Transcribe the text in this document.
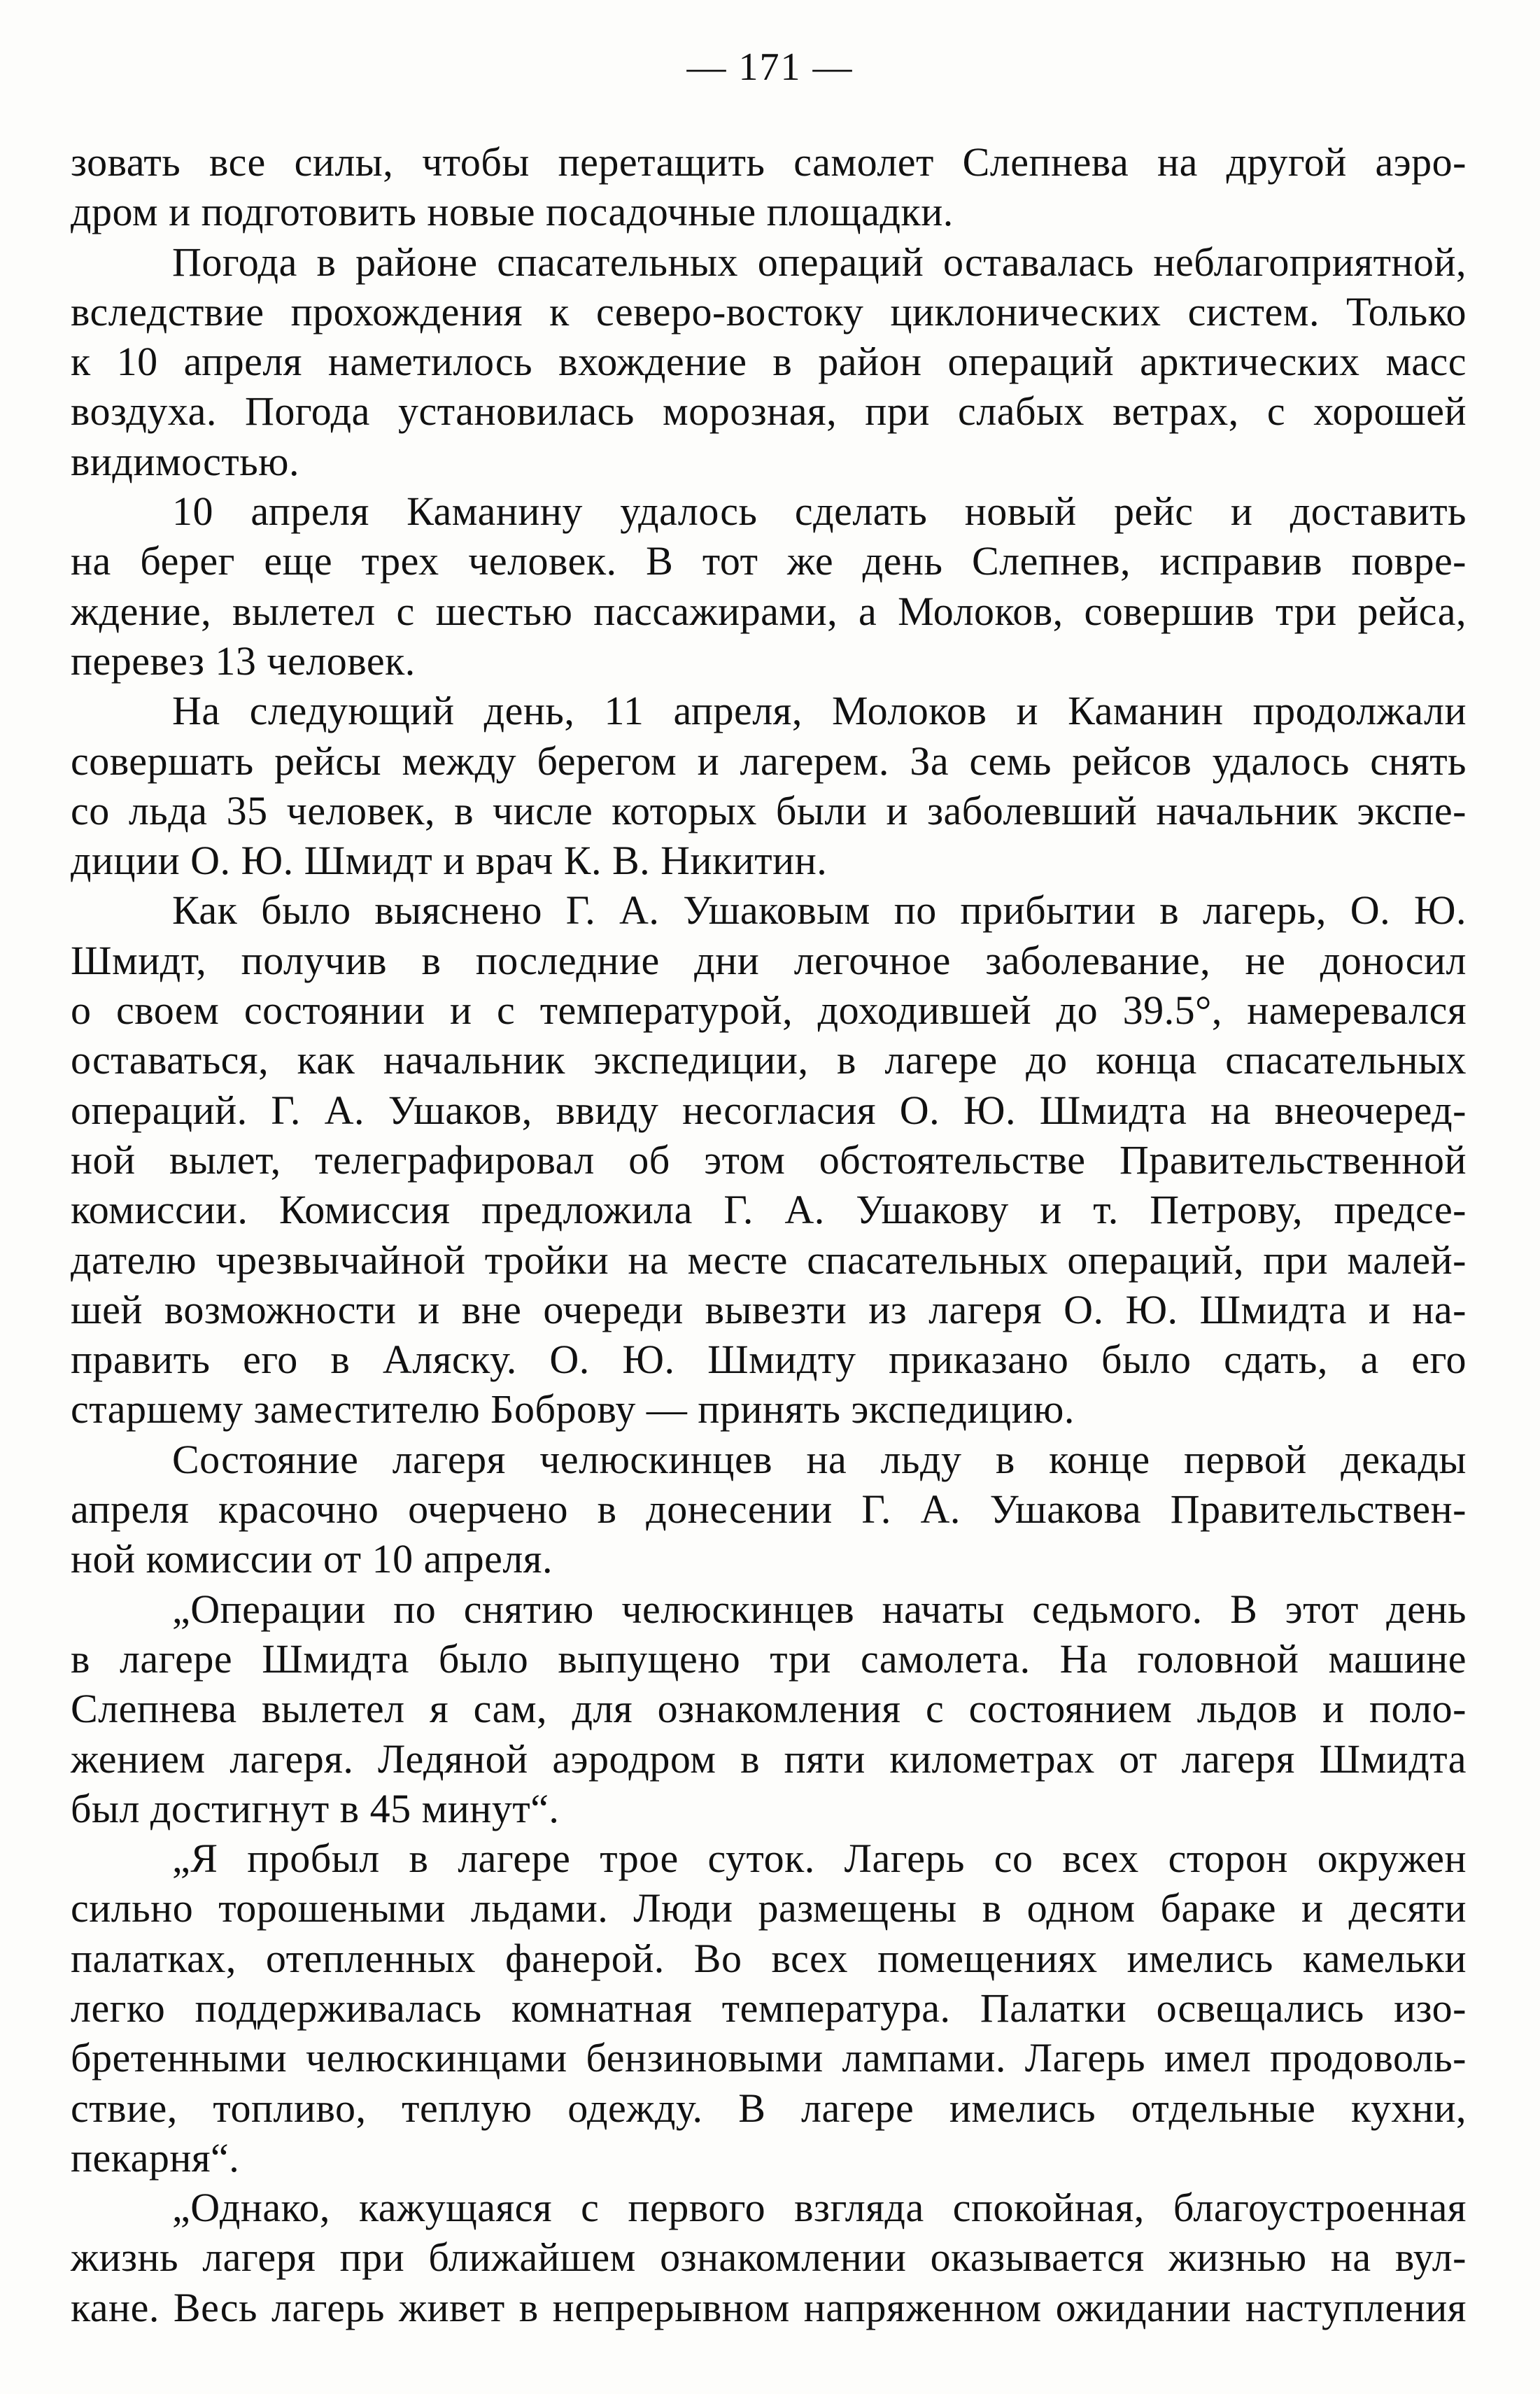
— 171 —
зовать все силы, чтобы перетащить самолет Слепнева на другой аэро-
дром и подготовить новые посадочные площадки.
Погода в районе спасательных операций оставалась неблагоприятной,
вследствие прохождения к северо-востоку циклонических систем. Только
к 10 апреля наметилось вхождение в район операций арктических масс
воздуха. Погода установилась морозная, при слабых ветрах, с хорошей
видимостью.
10 апреля Каманину удалось сделать новый рейс и доставить
на берег еще трех человек. В тот же день Слепнев, исправив повре-
ждение, вылетел с шестью пассажирами, а Молоков, совершив три рейса,
перевез 13 человек.
На следующий день, 11 апреля, Молоков и Каманин продолжали
совершать рейсы между берегом и лагерем. За семь рейсов удалось снять
со льда 35 человек, в числе которых были и заболевший начальник экспе-
диции О. Ю. Шмидт и врач К. В. Никитин.
Как было выяснено Г. А. Ушаковым по прибытии в лагерь, О. Ю.
Шмидт, получив в последние дни легочное заболевание, не доносил
о своем состоянии и с температурой, доходившей до 39.5°, намеревался
оставаться, как начальник экспедиции, в лагере до конца спасательных
операций. Г. А. Ушаков, ввиду несогласия О. Ю. Шмидта на внеочеред-
ной вылет, телеграфировал об этом обстоятельстве Правительственной
комиссии. Комиссия предложила Г. А. Ушакову и т. Петрову, предсе-
дателю чрезвычайной тройки на месте спасательных операций, при малей-
шей возможности и вне очереди вывезти из лагеря О. Ю. Шмидта и на-
править его в Аляску. О. Ю. Шмидту приказано было сдать, а его
старшему заместителю Боброву — принять экспедицию.
Состояние лагеря челюскинцев на льду в конце первой декады
апреля красочно очерчено в донесении Г. А. Ушакова Правительствен-
ной комиссии от 10 апреля.
„Операции по снятию челюскинцев начаты седьмого. В этот день
в лагере Шмидта было выпущено три самолета. На головной машине
Слепнева вылетел я сам, для ознакомления с состоянием льдов и поло-
жением лагеря. Ледяной аэродром в пяти километрах от лагеря Шмидта
был достигнут в 45 минут“.
„Я пробыл в лагере трое суток. Лагерь со всех сторон окружен
сильно торошеными льдами. Люди размещены в одном бараке и десяти
палатках, отепленных фанерой. Во всех помещениях имелись камельки
легко поддерживалась комнатная температура. Палатки освещались изо-
бретенными челюскинцами бензиновыми лампами. Лагерь имел продоволь-
ствие, топливо, теплую одежду. В лагере имелись отдельные кухни,
пекарня“.
„Однако, кажущаяся с первого взгляда спокойная, благоустроенная
жизнь лагеря при ближайшем ознакомлении оказывается жизнью на вул-
кане. Весь лагерь живет в непрерывном напряженном ожидании наступления
